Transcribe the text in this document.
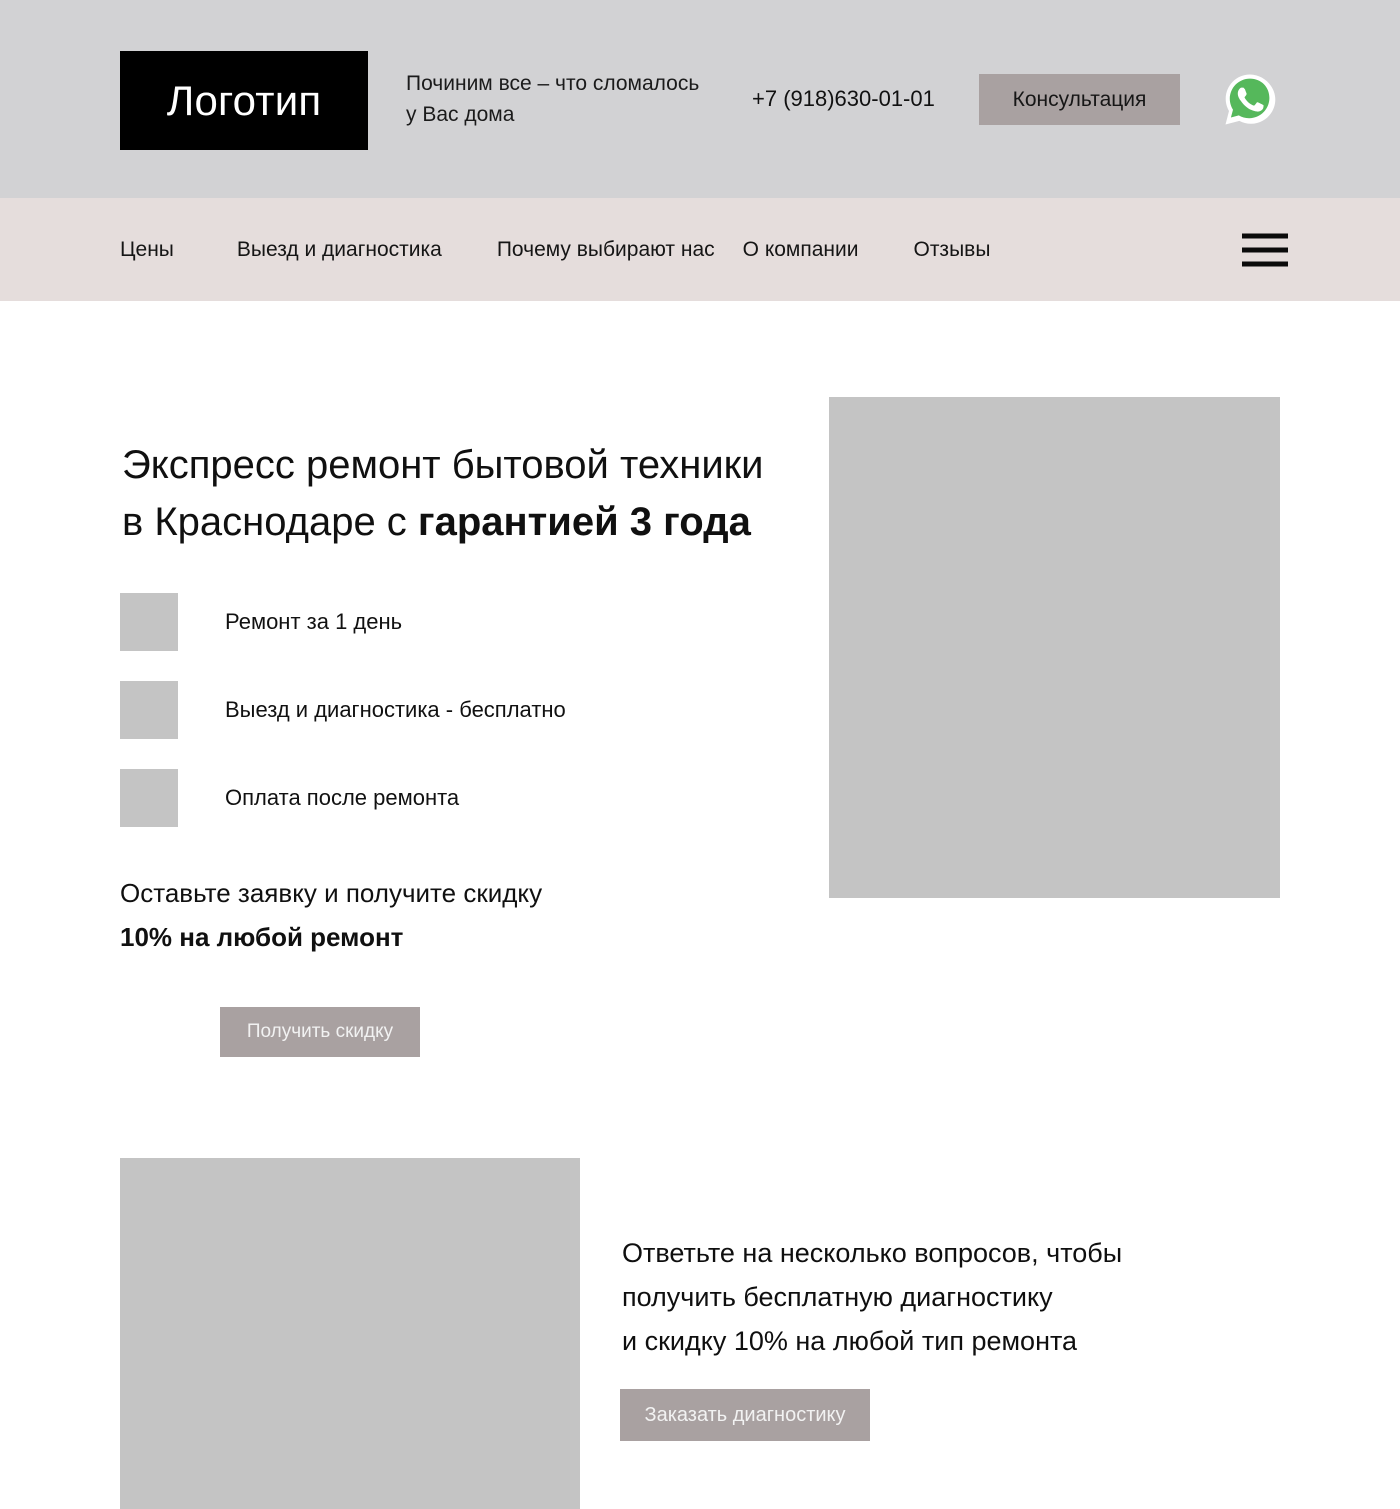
Логотип	Починим все – что сломалось у Вас дома
+7 (918)630-01-01	Консультация
Цены	Выезд и диагностика	Почему выбирают нас	О компании	Отзывы
Экспресс ремонт бытовой техники
в Краснодаре с гарантией 3 года
Ремонт за 1 день
Выезд и диагностика - бесплатно
Оплата после ремонта
Оставьте заявку и получите скидку
10% на любой ремонт
Получить скидку
Ответьте на несколько вопросов, чтобы
получить бесплатную диагностику
и скидку 10% на любой тип ремонта
Заказать диагностику
